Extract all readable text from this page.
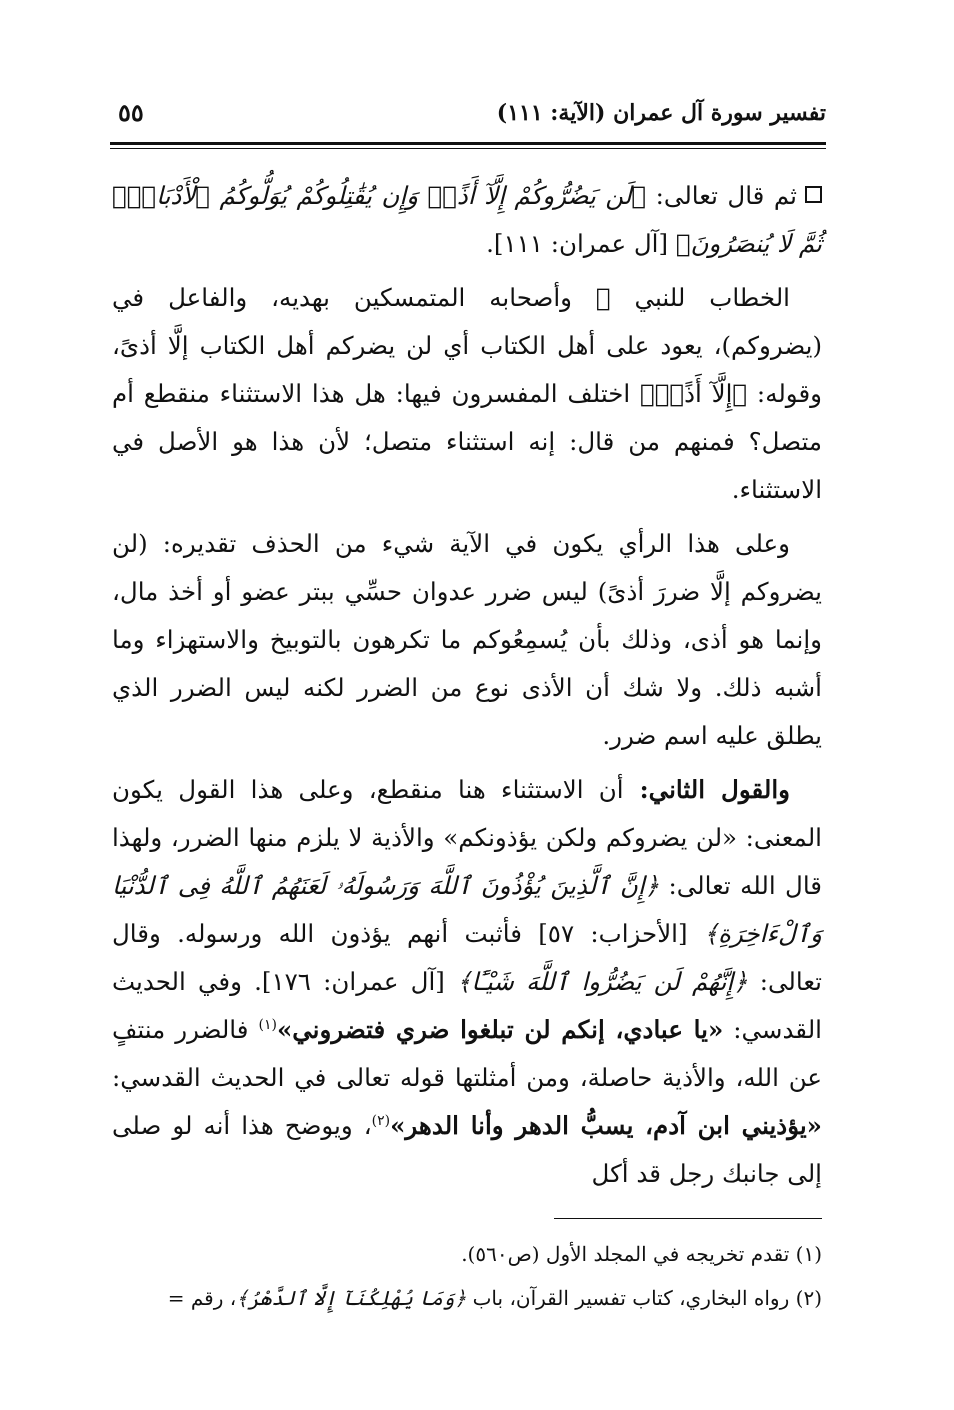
تفسير سورة آل عمران (الآية: ١١١)
٥٥

ثم قال تعالى: ﴿لَن يَضُرُّوكُمْ إِلَّآ أَذًىۖ وَإِن يُقَٰتِلُوكُمْ يُوَلُّوكُمُ ٱلْأَدْبَارَۖ ثُمَّ لَا يُنصَرُونَ﴾ [آل عمران: ١١١].

الخطاب للنبي ﷺ وأصحابه المتمسكين بهديه، والفاعل في (يضروكم)، يعود على أهل الكتاب أي لن يضركم أهل الكتاب إلَّا أذىً، وقوله: ﴿إِلَّآ أَذًىۖ﴾ اختلف المفسرون فيها: هل هذا الاستثناء منقطع أم متصل؟ فمنهم من قال: إنه استثناء متصل؛ لأن هذا هو الأصل في الاستثناء.

وعلى هذا الرأي يكون في الآية شيء من الحذف تقديره: (لن يضروكم إلَّا ضررَ أذىً) ليس ضرر عدوان حسِّي ببتر عضو أو أخذ مال، وإنما هو أذى، وذلك بأن يُسمِعُوكم ما تكرهون بالتوبيخ والاستهزاء وما أشبه ذلك. ولا شك أن الأذى نوع من الضرر لكنه ليس الضرر الذي يطلق عليه اسم ضرر.

والقول الثاني: أن الاستثناء هنا منقطع، وعلى هذا القول يكون المعنى: «لن يضروكم ولكن يؤذونكم» والأذية لا يلزم منها الضرر، ولهذا قال الله تعالى: ﴿إِنَّ ٱلَّذِينَ يُؤْذُونَ ٱللَّهَ وَرَسُولَهُۥ لَعَنَهُمُ ٱللَّهُ فِى ٱلدُّنْيَا وَٱلْءَاخِرَةِ﴾ [الأحزاب: ٥٧] فأثبت أنهم يؤذون الله ورسوله. وقال تعالى: ﴿إِنَّهُمْ لَن يَضُرُّوا ٱللَّهَ شَيْـًٔا﴾ [آل عمران: ١٧٦]. وفي الحديث القدسي: «يا عبادي، إنكم لن تبلغوا ضري فتضروني»$^{(١)}$ فالضرر منتفٍ عن الله، والأذية حاصلة، ومن أمثلتها قوله تعالى في الحديث القدسي: «يؤذيني ابن آدم، يسبُّ الدهر وأنا الدهر»$^{(٢)}$، ويوضح هذا أنه لو صلى إلى جانبك رجل قد أكل

(١) تقدم تخريجه في المجلد الأول (ص٥٦٠).

(٢) رواه البخاري، كتاب تفسير القرآن، باب ﴿وَمَا يُهْلِكُنَآ إِلَّا ٱلدَّهْرُ﴾، رقم =
